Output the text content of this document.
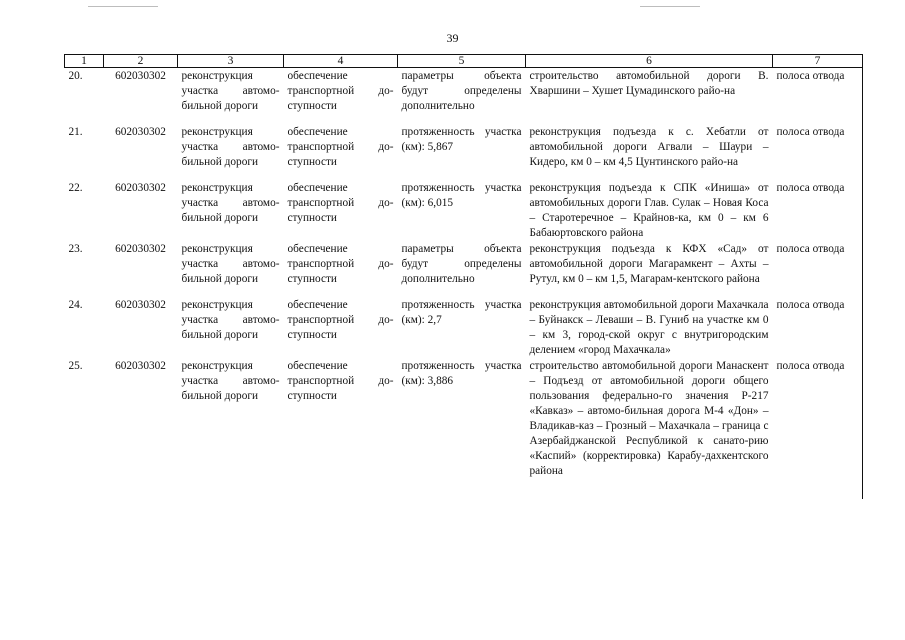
39
1	2	3	4	5	6	7
20.	602030302	реконструкция участка автомо-бильной дороги	обеспечение транспортной до-ступности	параметры объекта будут определены дополнительно	строительство автомобильной дороги В. Хваршини – Хушет Цумадинского райо-на	полоса отвода
21.	602030302	реконструкция участка автомо-бильной дороги	обеспечение транспортной до-ступности	протяженность участка (км): 5,867	реконструкция подъезда к с. Хебатли от автомобильной дороги Агвали – Шаури – Кидеро, км 0 – км 4,5 Цунтинского райо-на	полоса отвода
22.	602030302	реконструкция участка автомо-бильной дороги	обеспечение транспортной до-ступности	протяженность участка (км): 6,015	реконструкция подъезда к СПК «Иниша» от автомобильных дороги Глав. Сулак – Новая Коса – Старотеречное – Крайнов-ка, км 0 – км 6 Бабаюртовского района	полоса отвода
23.	602030302	реконструкция участка автомо-бильной дороги	обеспечение транспортной до-ступности	параметры объекта будут определены дополнительно	реконструкция подъезда к КФХ «Сад» от автомобильной дороги Магарамкент – Ахты – Рутул, км 0 – км 1,5, Магарам-кентского района	полоса отвода
24.	602030302	реконструкция участка автомо-бильной дороги	обеспечение транспортной до-ступности	протяженность участка (км): 2,7	реконструкция автомобильной дороги Махачкала – Буйнакск – Леваши – В. Гуниб на участке км 0 – км 3, город-ской округ с внутригородским делением «город Махачкала»	полоса отвода
25.	602030302	реконструкция участка автомо-бильной дороги	обеспечение транспортной до-ступности	протяженность участка (км): 3,886	строительство автомобильной дороги Манаскент – Подъезд от автомобильной дороги общего пользования федерально-го значения Р-217 «Кавказ» – автомо-бильная дорога М-4 «Дон» – Владикав-каз – Грозный – Махачкала – граница с Азербайджанской Республикой к санато-рию «Каспий» (корректировка) Карабу-дахкентского района	полоса отвода
